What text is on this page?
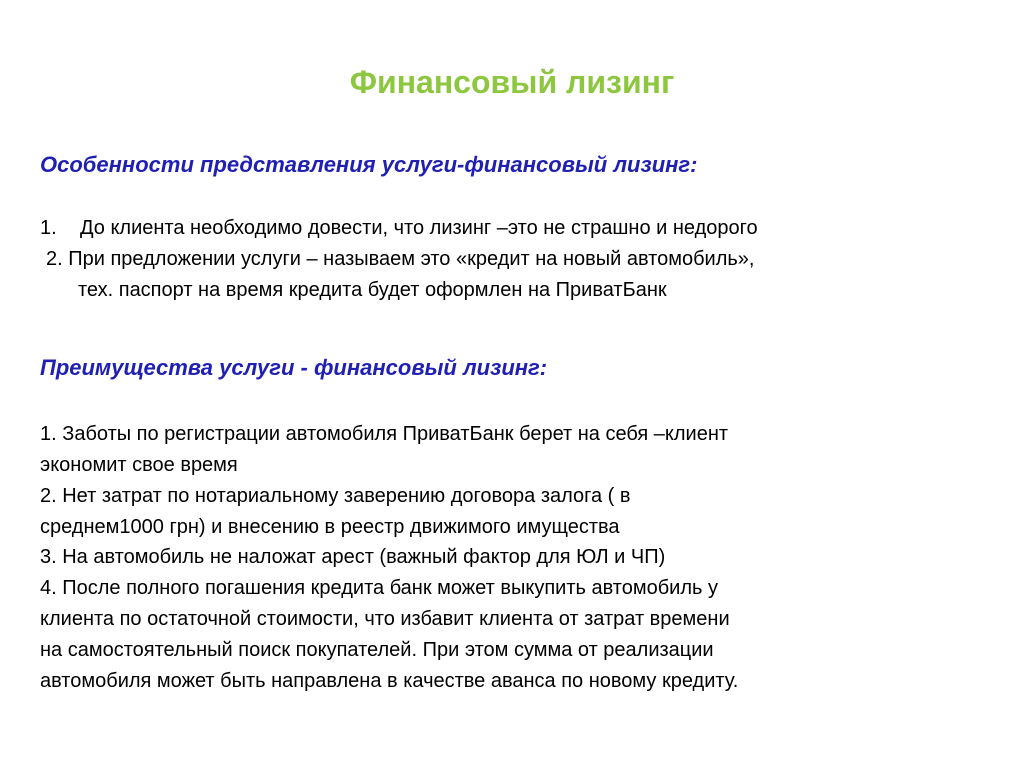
Финансовый лизинг
Особенности представления услуги-финансовый лизинг:
1. До клиента необходимо довести, что лизинг –это не страшно и недорого
2. При предложении услуги – называем это «кредит на новый автомобиль»,
тех. паспорт на время кредита будет оформлен на ПриватБанк
Преимущества услуги - финансовый лизинг:
1. Заботы по регистрации автомобиля ПриватБанк берет на себя –клиент
экономит свое время
2. Нет затрат по нотариальному заверению договора залога ( в
среднем1000 грн) и внесению в реестр движимого имущества
3. На автомобиль не наложат арест (важный фактор для ЮЛ и ЧП)
4. После полного погашения кредита банк может выкупить автомобиль у
клиента по остаточной стоимости, что избавит клиента от затрат времени
на самостоятельный поиск покупателей. При этом сумма от реализации
автомобиля может быть направлена в качестве аванса по новому кредиту.
